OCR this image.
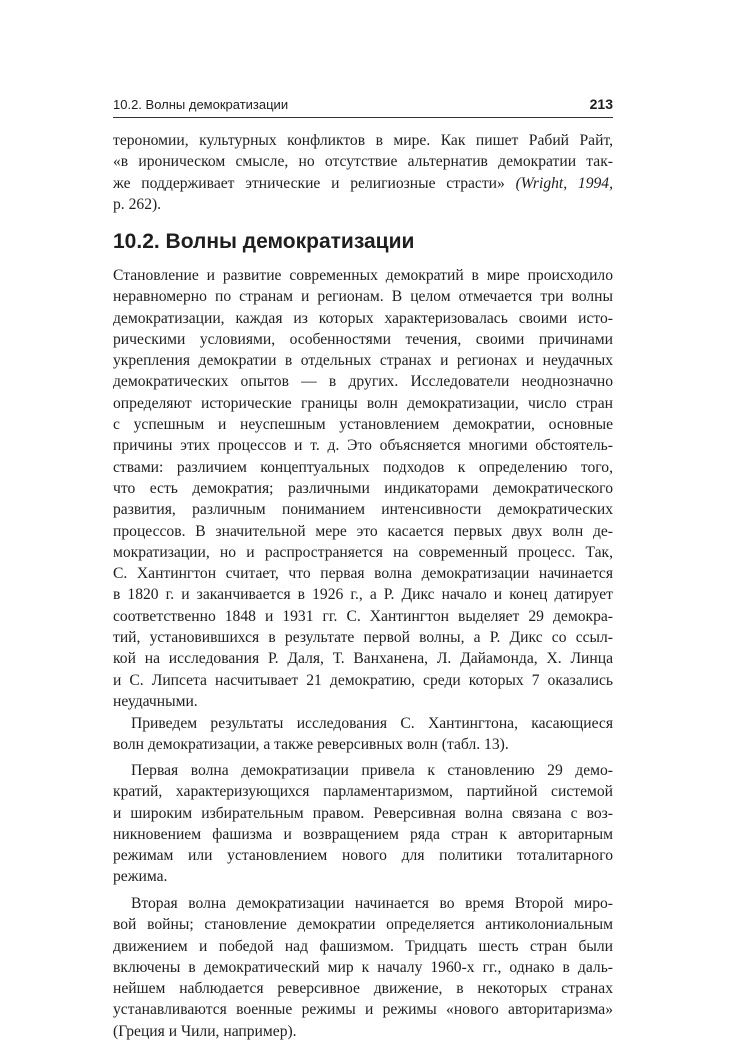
10.2. Волны демократизации	213
терономии, культурных конфликтов в мире. Как пишет Рабий Райт,
«в ироническом смысле, но отсутствие альтернатив демократии так-
же поддерживает этнические и религиозные страсти» (Wright, 1994,
р. 262).
10.2. Волны демократизации
Становление и развитие современных демократий в мире происходило
неравномерно по странам и регионам. В целом отмечается три волны
демократизации, каждая из которых характеризовалась своими исто-
рическими условиями, особенностями течения, своими причинами
укрепления демократии в отдельных странах и регионах и неудачных
демократических опытов — в других. Исследователи неоднозначно
определяют исторические границы волн демократизации, число стран
с успешным и неуспешным установлением демократии, основные
причины этих процессов и т. д. Это объясняется многими обстоятель-
ствами: различием концептуальных подходов к определению того,
что есть демократия; различными индикаторами демократического
развития, различным пониманием интенсивности демократических
процессов. В значительной мере это касается первых двух волн де-
мократизации, но и распространяется на современный процесс. Так,
С. Хантингтон считает, что первая волна демократизации начинается
в 1820 г. и заканчивается в 1926 г., а Р. Дикс начало и конец датирует
соответственно 1848 и 1931 гг. С. Хантингтон выделяет 29 демокра-
тий, установившихся в результате первой волны, а Р. Дикс со ссыл-
кой на исследования Р. Даля, Т. Ванханена, Л. Дайамонда, Х. Линца
и С. Липсета насчитывает 21 демократию, среди которых 7 оказались
неудачными.
Приведем результаты исследования С. Хантингтона, касающиеся
волн демократизации, а также реверсивных волн (табл. 13).
Первая волна демократизации привела к становлению 29 демо-
кратий, характеризующихся парламентаризмом, партийной системой
и широким избирательным правом. Реверсивная волна связана с воз-
никновением фашизма и возвращением ряда стран к авторитарным
режимам или установлением нового для политики тоталитарного
режима.
Вторая волна демократизации начинается во время Второй миро-
вой войны; становление демократии определяется антиколониальным
движением и победой над фашизмом. Тридцать шесть стран были
включены в демократический мир к началу 1960-х гг., однако в даль-
нейшем наблюдается реверсивное движение, в некоторых странах
устанавливаются военные режимы и режимы «нового авторитаризма»
(Греция и Чили, например).
